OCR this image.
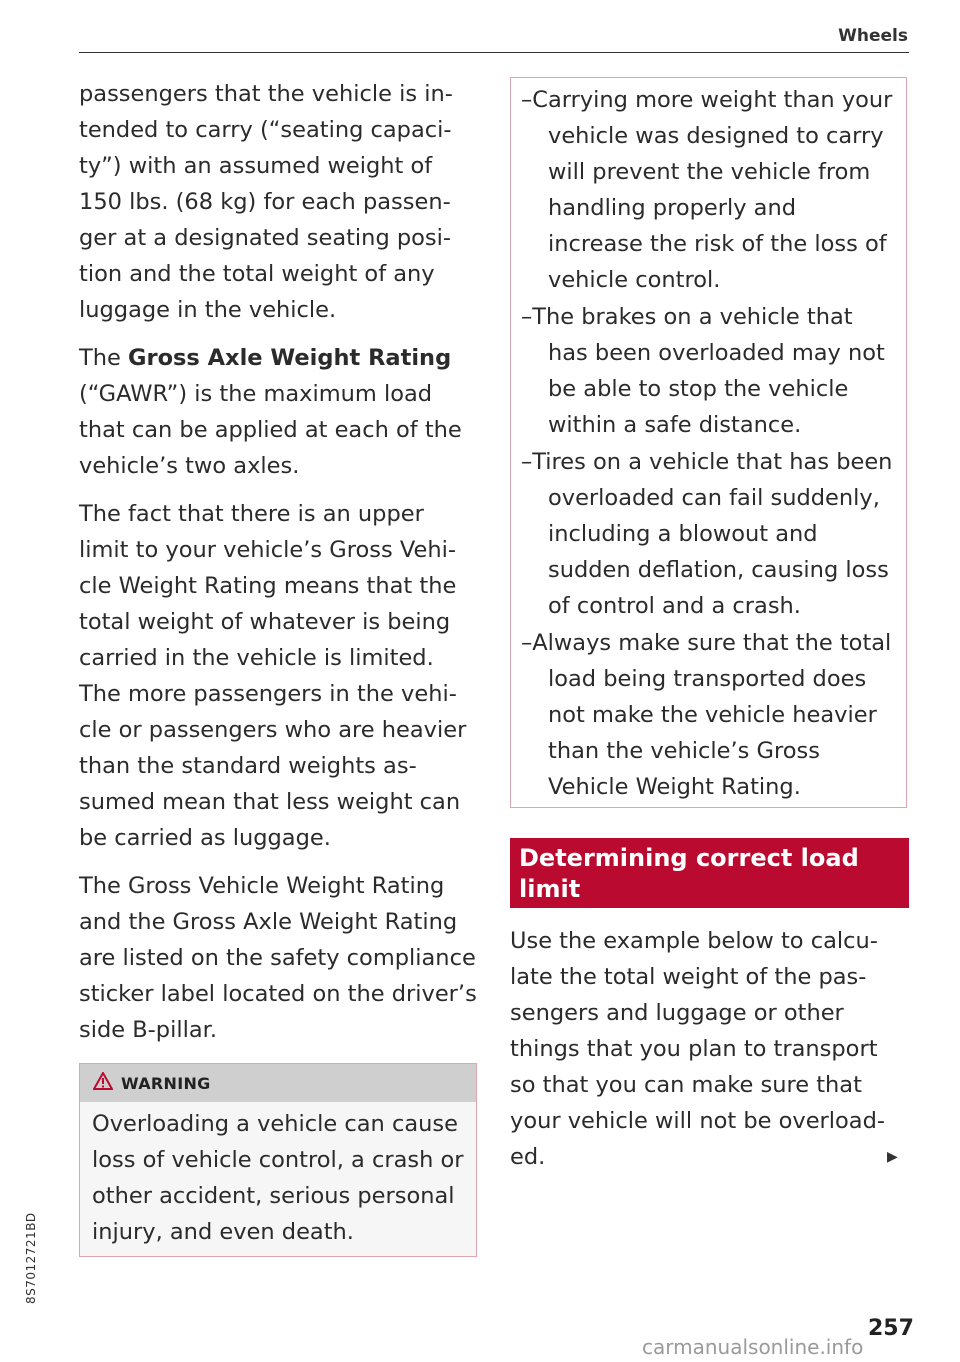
Wheels

passengers that the vehicle is intended to carry (“seating capacity”) with an assumed weight of 150 lbs. (68 kg) for each passenger at a designated seating position and the total weight of any luggage in the vehicle.

The Gross Axle Weight Rating (“GAWR”) is the maximum load that can be applied at each of the vehicle’s two axles.

The fact that there is an upper limit to your vehicle’s Gross Vehicle Weight Rating means that the total weight of whatever is being carried in the vehicle is limited. The more passengers in the vehicle or passengers who are heavier than the standard weights assumed mean that less weight can be carried as luggage.

The Gross Vehicle Weight Rating and the Gross Axle Weight Rating are listed on the safety compliance sticker label located on the driver’s side B-pillar.

WARNING
Overloading a vehicle can cause loss of vehicle control, a crash or other accident, serious personal injury, and even death.
–Carrying more weight than your vehicle was designed to carry will prevent the vehicle from handling properly and increase the risk of the loss of vehicle control.
–The brakes on a vehicle that has been overloaded may not be able to stop the vehicle within a safe distance.
–Tires on a vehicle that has been overloaded can fail suddenly, including a blowout and sudden deflation, causing loss of control and a crash.
–Always make sure that the total load being transported does not make the vehicle heavier than the vehicle’s Gross Vehicle Weight Rating.
Determining correct load limit

Use the example below to calculate the total weight of the passengers and luggage or other things that you plan to transport so that you can make sure that your vehicle will not be overloaded.	▶
257
8S7012721BD
carmanualsonline.info
